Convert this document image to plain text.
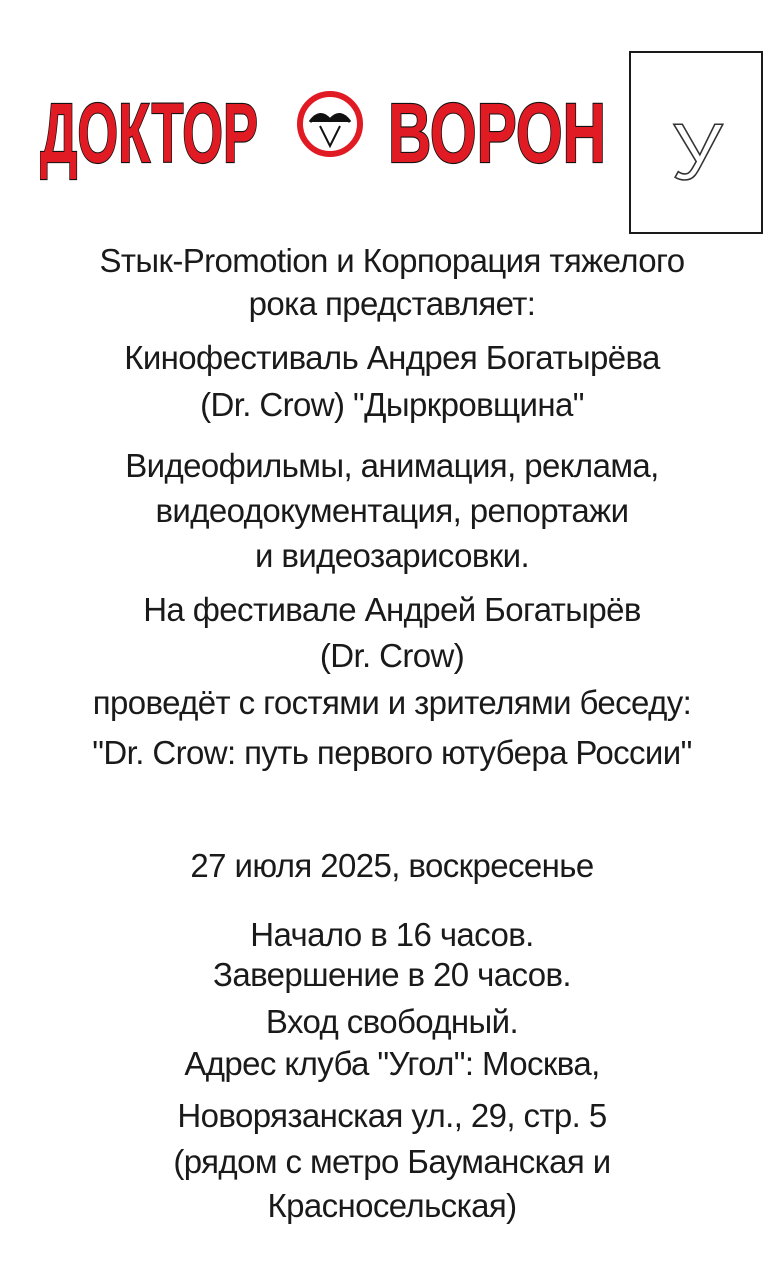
ДОКТОР ВОРОН У
Sтык-Promotion и Корпорация тяжелого
рока представляет:
Кинофестиваль Андрея Богатырёва
(Dr. Crow) "Дыркровщина"
Видеофильмы, анимация, реклама,
видеодокументация, репортажи
и видеозарисовки.
На фестивале Андрей Богатырёв
(Dr. Crow)
проведёт с гостями и зрителями беседу:
"Dr. Crow: путь первого ютубера России"
27 июля 2025, воскресенье
Начало в 16 часов.
Завершение в 20 часов.
Вход свободный.
Адрес клуба "Угол": Москва,
Новорязанская ул., 29, стр. 5
(рядом с метро Бауманская и
Красносельская)
